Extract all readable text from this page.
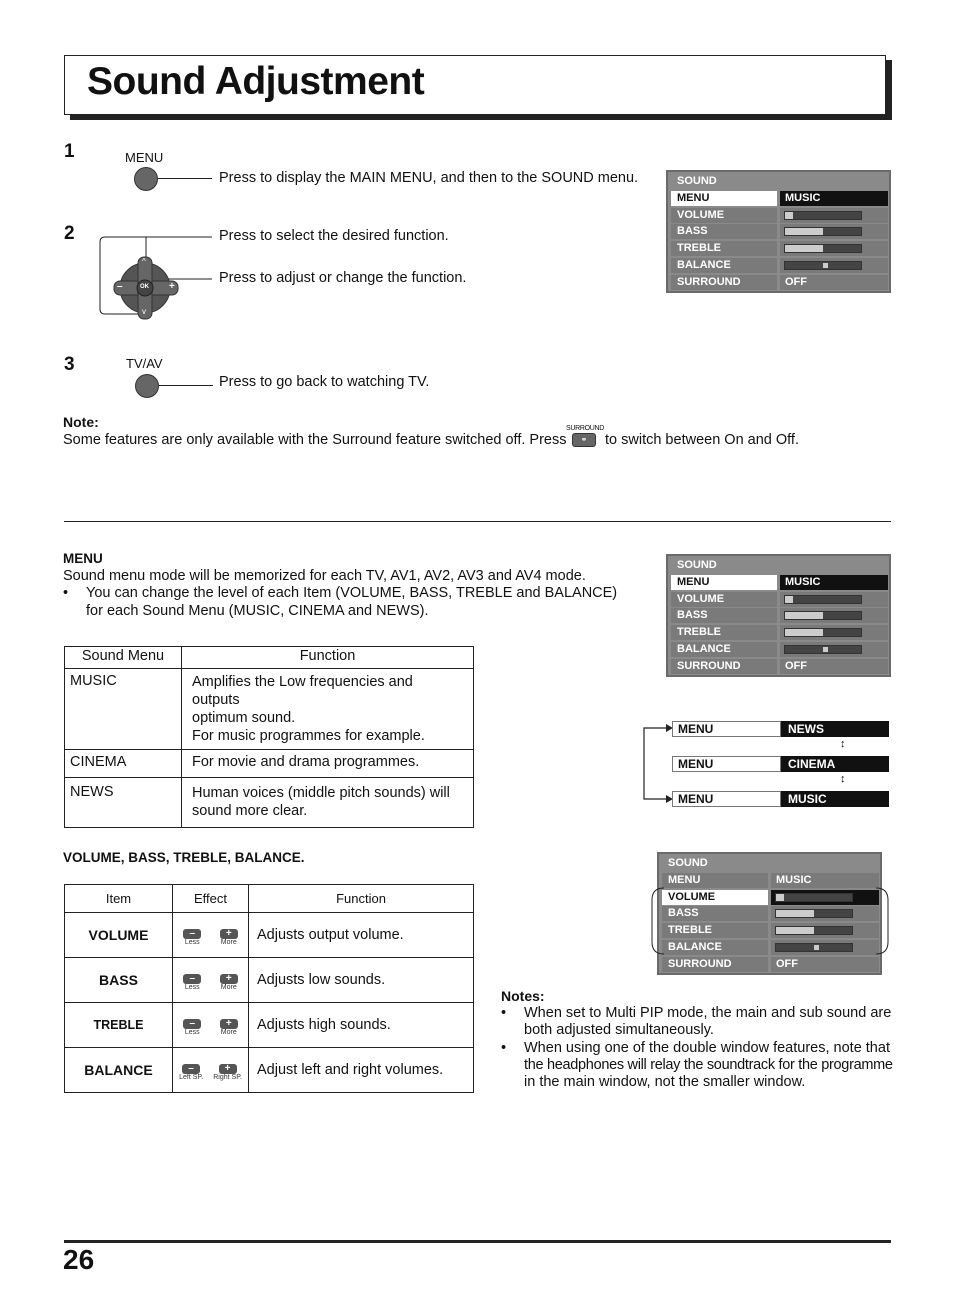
Sound Adjustment
1	MENU
Press to display the MAIN MENU, and then to the SOUND menu.
2
OK
–	+
^
v
Press to select the desired function.
Press to adjust or change the function.
3	TV/AV
Press to go back to watching TV.
SOUND
MENU	MUSIC
VOLUME
BASS
TREBLE
BALANCE
SURROUND	OFF
Note:
Some features are only available with the Surround feature switched off. Press
SURROUND
⚭	to switch between On and Off.
MENU
Sound menu mode will be memorized for each TV, AV1, AV2, AV3 and AV4 mode.
• You can change the level of each Item (VOLUME, BASS, TREBLE and BALANCE)
for each Sound Menu (MUSIC, CINEMA and NEWS).
Sound Menu	Function
MUSIC	Amplifies the Low frequencies and outputs
optimum sound.
For music programmes for example.

CINEMA	For movie and drama programmes.

NEWS	Human voices (middle pitch sounds) will
sound more clear.
SOUND
MENU	MUSIC
VOLUME
BASS
TREBLE
BALANCE
SURROUND	OFF
MENU	NEWS
↕
MENU	CINEMA
↕
MENU	MUSIC
VOLUME, BASS, TREBLE, BALANCE.
Item	Effect	Function
VOLUME	–
Less
+
More	Adjusts output volume.
BASS	–
Less
+
More	Adjusts low sounds.
TREBLE	–
Less
+
More	Adjusts high sounds.
BALANCE	–
Left SP.
+
Right SP.	Adjust left and right volumes.
SOUND
MENU	MUSIC
VOLUME
BASS
TREBLE
BALANCE
SURROUND	OFF
Notes:
• When set to Multi PIP mode, the main and sub sound are
both adjusted simultaneously.
• When using one of the double window features, note that
the headphones will relay the soundtrack for the programme
in the main window, not the smaller window.
26
